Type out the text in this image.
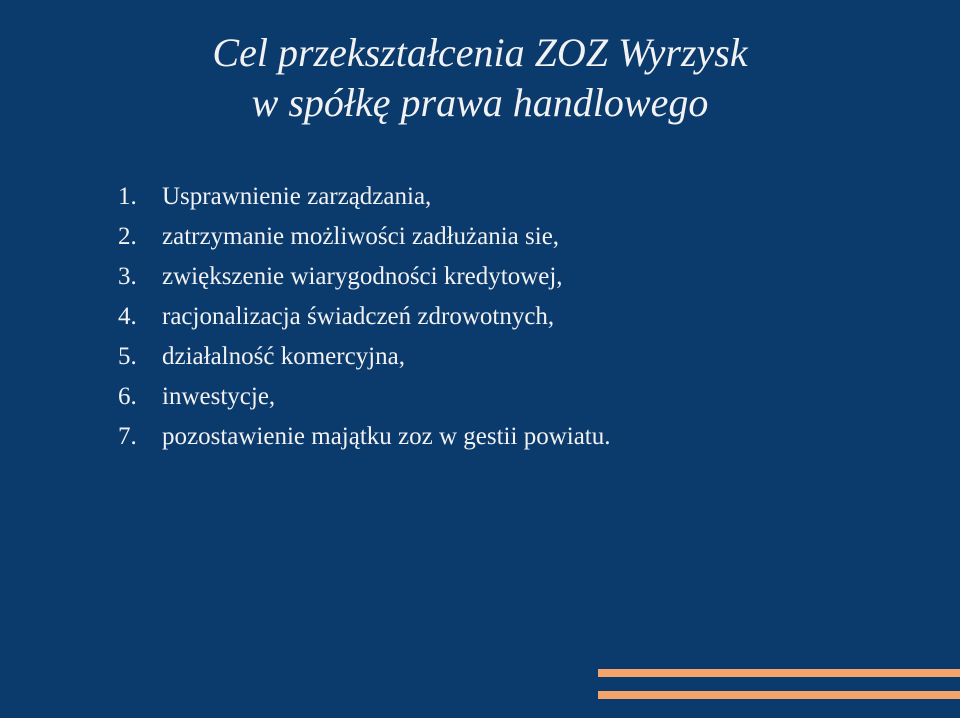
Cel przekształcenia ZOZ Wyrzysk
w spółkę prawa handlowego
1. Usprawnienie zarządzania,
2. zatrzymanie możliwości zadłużania sie,
3. zwiększenie wiarygodności kredytowej,
4. racjonalizacja świadczeń zdrowotnych,
5. działalność komercyjna,
6. inwestycje,
7. pozostawienie majątku zoz w gestii powiatu.
